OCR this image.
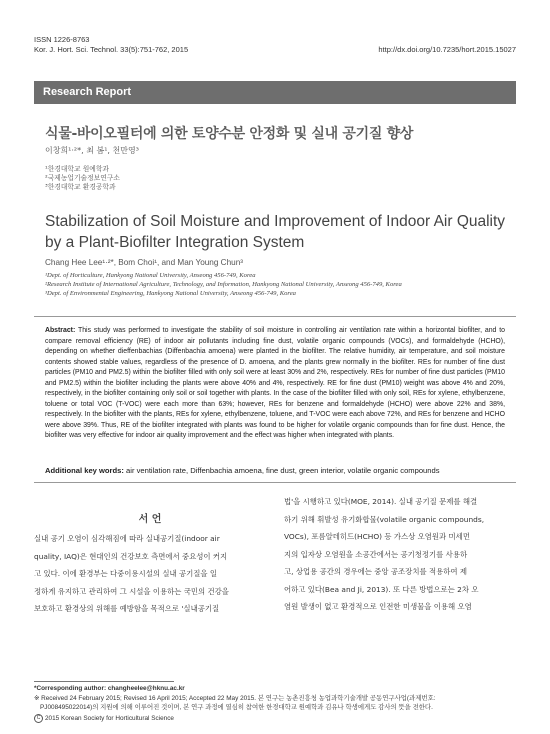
ISSN 1226-8763
Kor. J. Hort. Sci. Technol. 33(5):751-762, 2015	http://dx.doi.org/10.7235/hort.2015.15027
Research Report
식물-바이오필터에 의한 토양수분 안정화 및 실내 공기질 향상
이창희¹·²*, 최 봄¹, 천만영³
¹한경대학교 원예학과
²국제농업기술정보연구소
³한경대학교 환경공학과
Stabilization of Soil Moisture and Improvement of Indoor Air Quality by a Plant-Biofilter Integration System
Chang Hee Lee¹·²*, Bom Choi¹, and Man Young Chun³
¹Dept. of Horticulture, Hankyong National University, Anseong 456-749, Korea
²Research Institute of International Agriculture, Technology, and Information, Hankyong National University, Anseong 456-749, Korea
³Dept. of Environmental Engineering, Hankyong National University, Anseong 456-749, Korea
Abstract: This study was performed to investigate the stability of soil moisture in controlling air ventilation rate within a horizontal biofilter, and to compare removal efficiency (RE) of indoor air pollutants including fine dust, volatile organic compounds (VOCs), and formaldehyde (HCHO), depending on whether dieffenbachias (Diffenbachia amoena) were planted in the biofilter. The relative humidity, air temperature, and soil moisture contents showed stable values, regardless of the presence of D. amoena, and the plants grew normally in the biofilter. REs for number of fine dust particles (PM10 and PM2.5) within the biofilter filled with only soil were at least 30% and 2%, respectively. REs for number of fine dust particles (PM10 and PM2.5) within the biofilter including the plants were above 40% and 4%, respectively. RE for fine dust (PM10) weight was above 4% and 20%, respectively, in the biofilter containing only soil or soil together with plants. In the case of the biofilter filled with only soil, REs for xylene, ethylbenzene, toluene or total VOC (T-VOC) were each more than 63%; however, REs for benzene and formaldehyde (HCHO) were above 22% and 38%, respectively. In the biofilter with the plants, REs for xylene, ethylbenzene, toluene, and T-VOC were each above 72%, and REs for benzene and HCHO were above 39%. Thus, RE of the biofilter integrated with plants was found to be higher for volatile organic compounds than for fine dust. Hence, the biofilter was very effective for indoor air quality improvement and the effect was higher when integrated with plants.
Additional key words: air ventilation rate, Diffenbachia amoena, fine dust, green interior, volatile organic compounds
서 언
실내 공기 오염이 심각해짐에 따라 실내공기질(indoor air
quality, IAQ)은 현대인의 건강보호 측면에서 중요성이 커지
고 있다. 이에 환경부는 다중이용시설의 실내 공기질을 일
정하게 유지하고 관리하여 그 시설을 이용하는 국민의 건강을
보호하고 환경상의 위해를 예방함을 목적으로 '실내공기질
법'을 시행하고 있다(MOE, 2014). 실내 공기질 문제를 해결
하기 위해 휘발성 유기화합물(volatile organic compounds,
VOCs), 포름알데히드(HCHO) 등 가스상 오염원과 미세먼
지의 입자상 오염원을 소공간에서는 공기청정기를 사용하
고, 상업용 공간의 경우에는 중앙 공조장치를 적용하여 제
어하고 있다(Bea and Ji, 2013). 또 다른 방법으로는 2차 오
염원 발생이 없고 환경적으로 인전한 미생물을 이용해 오염
*Corresponding author: changheelee@hknu.ac.kr
※ Received 24 February 2015; Revised 16 April 2015; Accepted 22 May 2015. 본 연구는 농촌진흥청 농업과학기술개발 공동연구사업(과제번호:
PJ008495022014)의 지원에 의해 이루어진 것이며, 본 연구 과정에 열심히 참여한 한경대학교 원예학과 김유나 학생에게도 감사의 뜻을 전한다.
C 2015 Korean Society for Horticultural Science
